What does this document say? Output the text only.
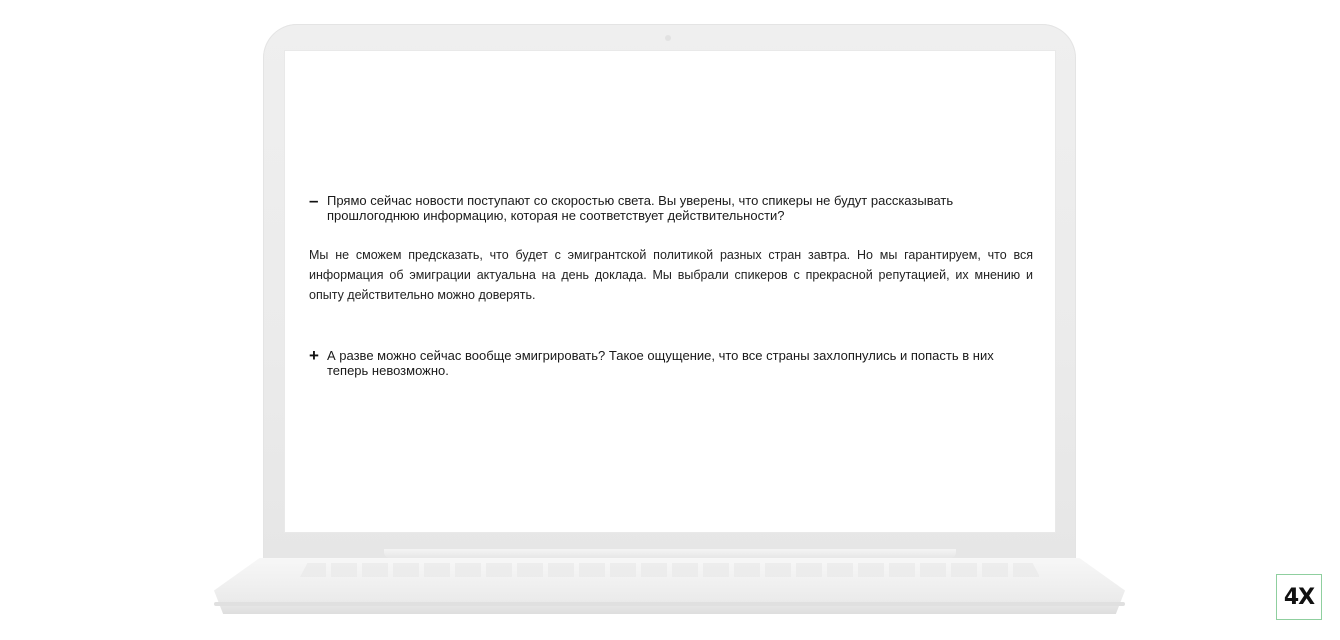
– Прямо сейчас новости поступают со скоростью света. Вы уверены, что спикеры не будут рассказывать прошлогоднюю информацию, которая не соответствует действительности?
Мы не сможем предсказать, что будет с эмигрантской политикой разных стран завтра. Но мы гарантируем, что вся информация об эмиграции актуальна на день доклада. Мы выбрали спикеров с прекрасной репутацией, их мнению и опыту действительно можно доверять.
+ А разве можно сейчас вообще эмигрировать? Такое ощущение, что все страны захлопнулись и попасть в них теперь невозможно.
4X
